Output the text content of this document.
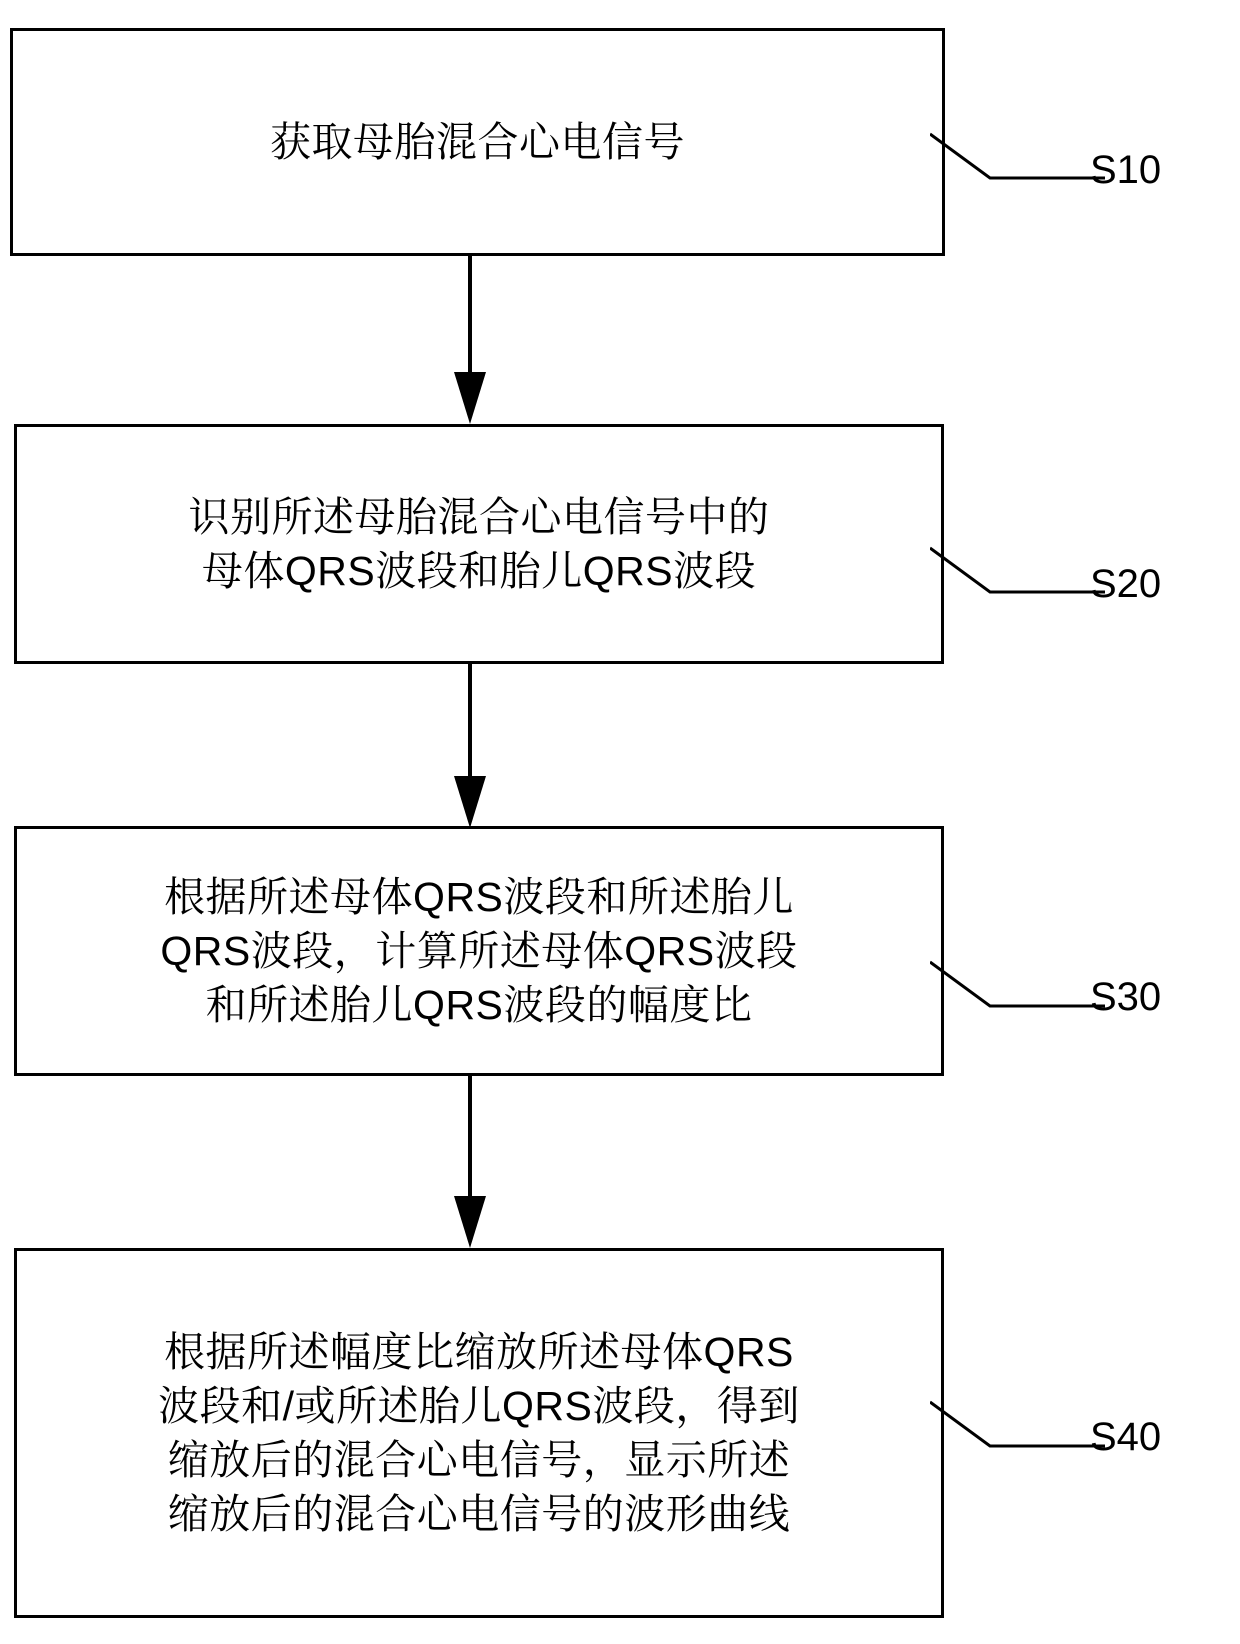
获取母胎混合心电信号
S10
识别所述母胎混合心电信号中的
母体QRS波段和胎儿QRS波段	S20
根据所述母体QRS波段和所述胎儿
QRS波段，计算所述母体QRS波段
和所述胎儿QRS波段的幅度比	S30
根据所述幅度比缩放所述母体QRS
波段和/或所述胎儿QRS波段，得到
缩放后的混合心电信号，显示所述
缩放后的混合心电信号的波形曲线
S40
